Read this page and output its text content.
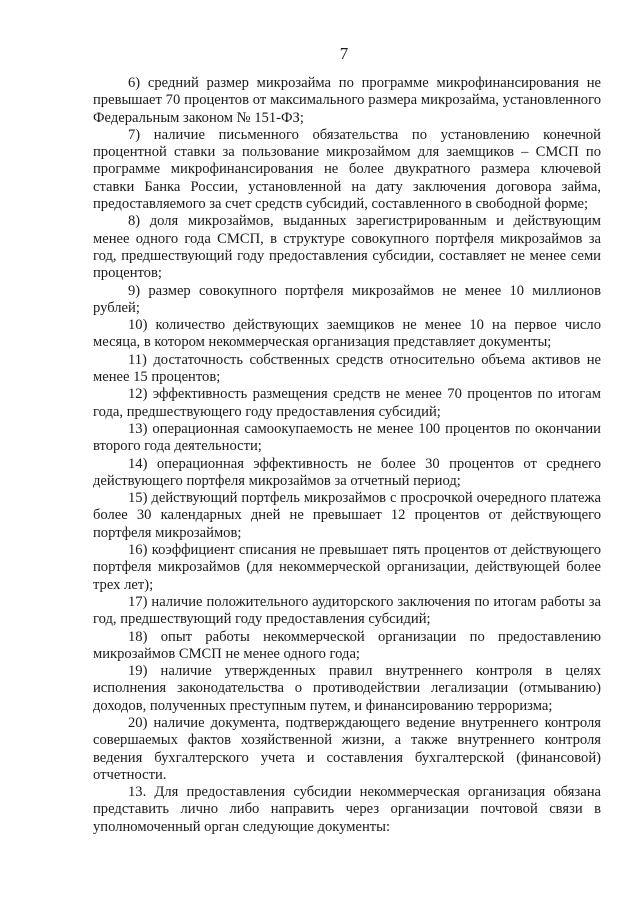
7

6) средний размер микрозайма по программе микрофинансирования не превышает 70 процентов от максимального размера микрозайма, установленного Федеральным законом № 151-ФЗ;

7) наличие письменного обязательства по установлению конечной процентной ставки за пользование микрозаймом для заемщиков – СМСП по программе микрофинансирования не более двукратного размера ключевой ставки Банка России, установленной на дату заключения договора займа, предоставляемого за счет средств субсидий, составленного в свободной форме;

8) доля микрозаймов, выданных зарегистрированным и действующим менее одного года СМСП, в структуре совокупного портфеля микрозаймов за год, предшествующий году предоставления субсидии, составляет не менее семи процентов;

9) размер совокупного портфеля микрозаймов не менее 10 миллионов рублей;

10) количество действующих заемщиков не менее 10 на первое число месяца, в котором некоммерческая организация представляет документы;

11) достаточность собственных средств относительно объема активов не менее 15 процентов;

12) эффективность размещения средств не менее 70 процентов по итогам года, предшествующего году предоставления субсидий;

13) операционная самоокупаемость не менее 100 процентов по окончании второго года деятельности;

14) операционная эффективность не более 30 процентов от среднего действующего портфеля микрозаймов за отчетный период;

15) действующий портфель микрозаймов с просрочкой очередного платежа более 30 календарных дней не превышает 12 процентов от действующего портфеля микрозаймов;

16) коэффициент списания не превышает пять процентов от действующего портфеля микрозаймов (для некоммерческой организации, действующей более трех лет);

17) наличие положительного аудиторского заключения по итогам работы за год, предшествующий году предоставления субсидий;

18) опыт работы некоммерческой организации по предоставлению микрозаймов СМСП не менее одного года;

19) наличие утвержденных правил внутреннего контроля в целях исполнения законодательства о противодействии легализации (отмыванию) доходов, полученных преступным путем, и финансированию терроризма;

20) наличие документа, подтверждающего ведение внутреннего контроля совершаемых фактов хозяйственной жизни, а также внутреннего контроля ведения бухгалтерского учета и составления бухгалтерской (финансовой) отчетности.

13. Для предоставления субсидии некоммерческая организация обязана представить лично либо направить через организации почтовой связи в уполномоченный орган следующие документы:
